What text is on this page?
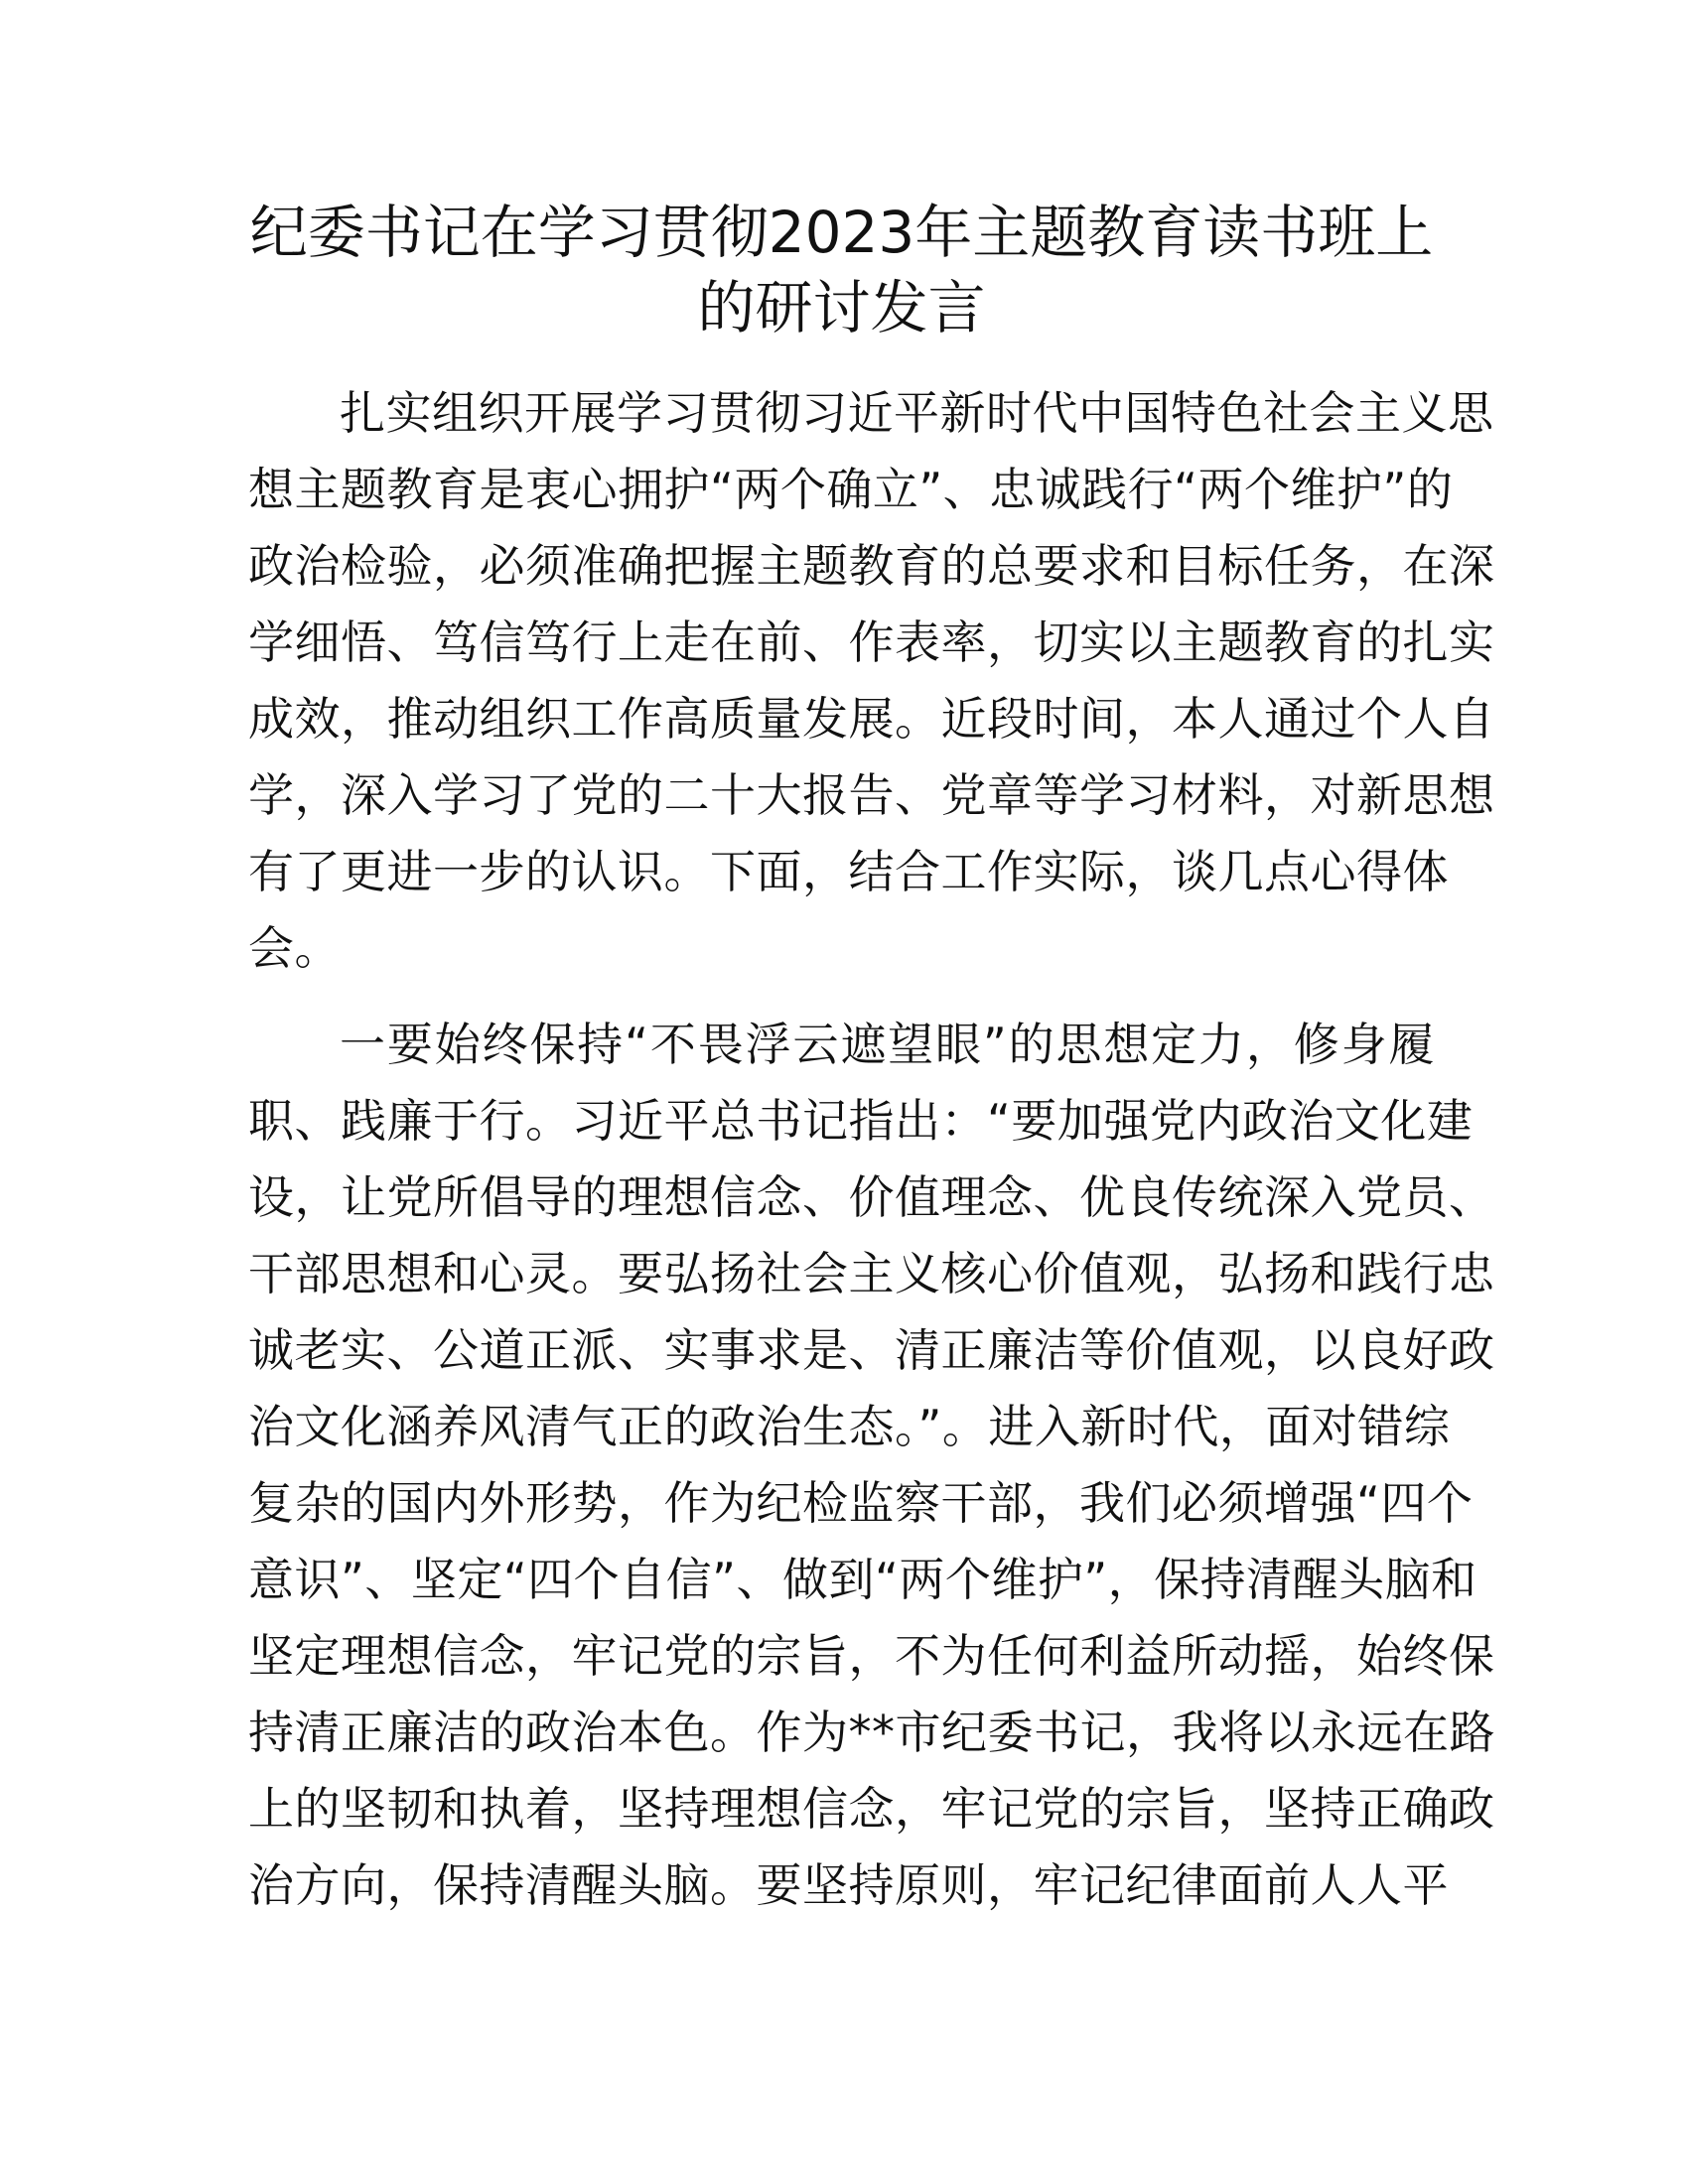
纪委书记在学习贯彻2023年主题教育读书班上
的研讨发言

扎实组织开展学习贯彻习近平新时代中国特色社会主义思
想主题教育是衷心拥护“两个确立”、忠诚践行“两个维护”的
政治检验，必须准确把握主题教育的总要求和目标任务，在深
学细悟、笃信笃行上走在前、作表率，切实以主题教育的扎实
成效，推动组织工作高质量发展。近段时间，本人通过个人自
学，深入学习了党的二十大报告、党章等学习材料，对新思想
有了更进一步的认识。下面，结合工作实际，谈几点心得体
会。

一要始终保持“不畏浮云遮望眼”的思想定力，修身履
职、践廉于行。习近平总书记指出：“要加强党内政治文化建
设，让党所倡导的理想信念、价值理念、优良传统深入党员、
干部思想和心灵。要弘扬社会主义核心价值观，弘扬和践行忠
诚老实、公道正派、实事求是、清正廉洁等价值观，以良好政
治文化涵养风清气正的政治生态。”。进入新时代，面对错综
复杂的国内外形势，作为纪检监察干部，我们必须增强“四个
意识”、坚定“四个自信”、做到“两个维护”，保持清醒头脑和
坚定理想信念，牢记党的宗旨，不为任何利益所动摇，始终保
持清正廉洁的政治本色。作为**市纪委书记，我将以永远在路
上的坚韧和执着，坚持理想信念，牢记党的宗旨，坚持正确政
治方向，保持清醒头脑。要坚持原则，牢记纪律面前人人平
